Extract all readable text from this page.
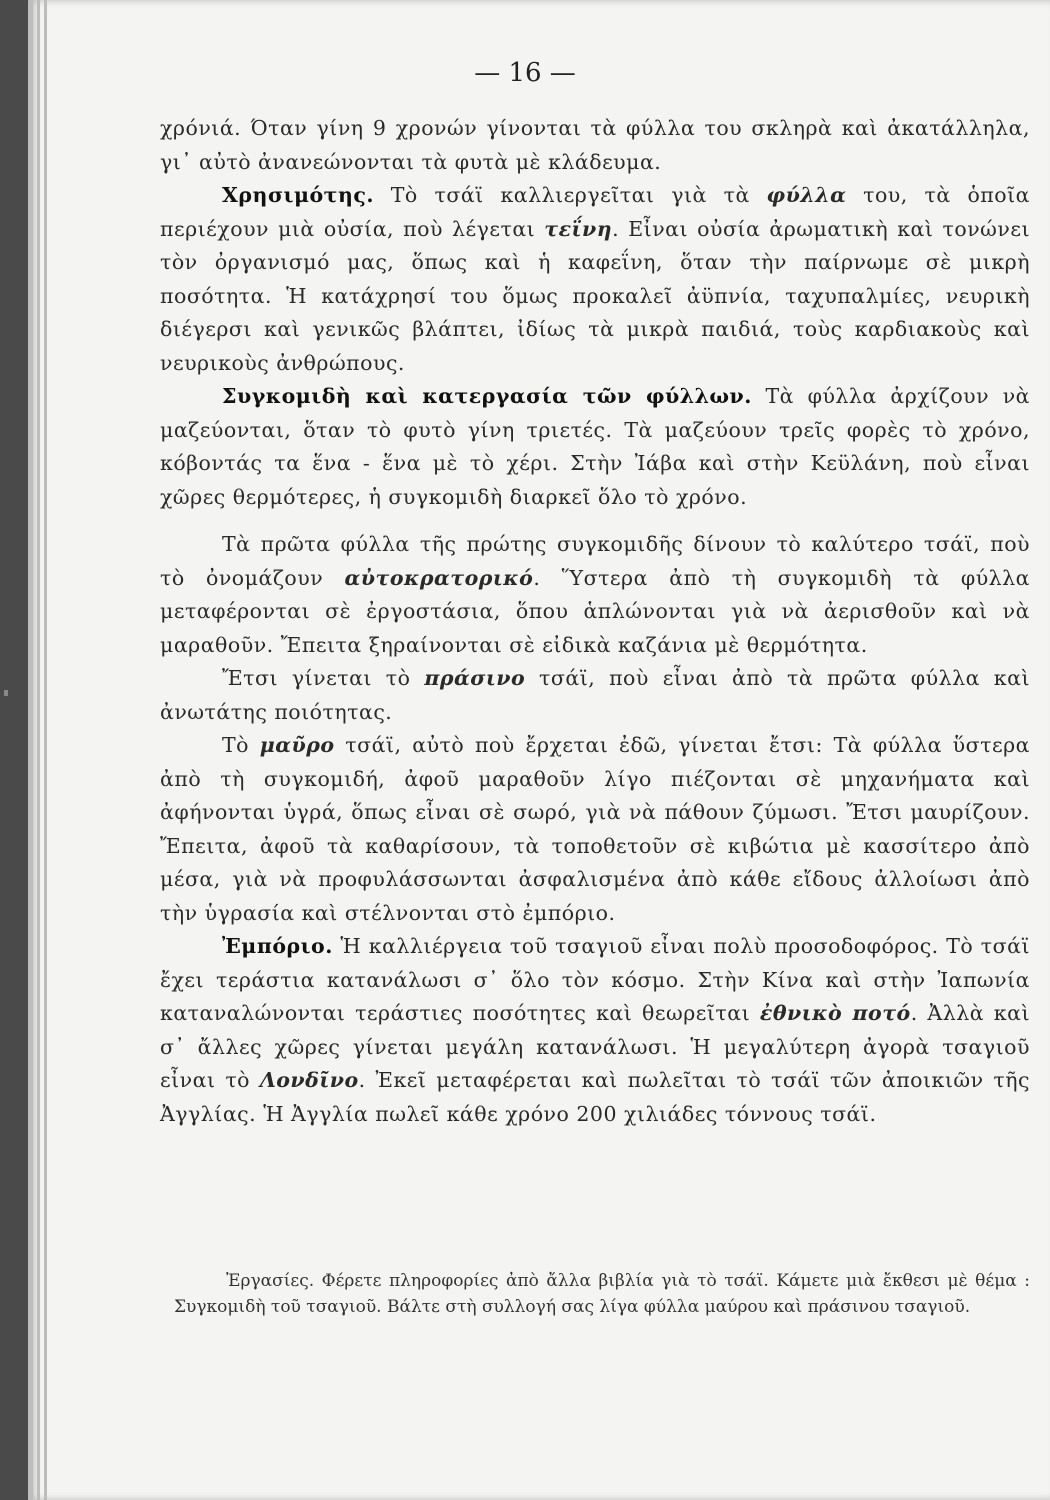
— 16 —

χρόνιά. Όταν γίνη 9 χρονών γίνονται τὰ φύλλα του σκληρὰ καὶ ἀκατάλληλα, γι᾽ αὐτὸ ἀνανεώνονται τὰ φυτὰ μὲ κλάδευμα.

Χρησιμότης. Τὸ τσάϊ καλλιεργεῖται γιὰ τὰ φύλλα του, τὰ ὁποῖα περιέχουν μιὰ οὐσία, ποὺ λέγεται τεΐνη. Εἶναι οὐσία ἀρωματικὴ καὶ τονώνει τὸν ὀργανισμό μας, ὅπως καὶ ἡ καφεΐνη, ὅταν τὴν παίρνωμε σὲ μικρὴ ποσότητα. Ἡ κατάχρησί του ὅμως προκαλεῖ ἀϋπνία, ταχυπαλμίες, νευρικὴ διέγερσι καὶ γενικῶς βλάπτει, ἰδίως τὰ μικρὰ παιδιά, τοὺς καρδιακοὺς καὶ νευρικοὺς ἀνθρώπους.

Συγκομιδὴ καὶ κατεργασία τῶν φύλλων. Τὰ φύλλα ἀρχίζουν νὰ μαζεύονται, ὅταν τὸ φυτὸ γίνη τριετές. Τὰ μαζεύουν τρεῖς φορὲς τὸ χρόνο, κόβοντάς τα ἕνα - ἕνα μὲ τὸ χέρι. Στὴν Ἰάβα καὶ στὴν Κεϋλάνη, ποὺ εἶναι χῶρες θερμότερες, ἡ συγκομιδὴ διαρκεῖ ὅλο τὸ χρόνο.

Τὰ πρῶτα φύλλα τῆς πρώτης συγκομιδῆς δίνουν τὸ καλύτερο τσάϊ, ποὺ τὸ ὀνομάζουν αὐτοκρατορικό. Ὕστερα ἀπὸ τὴ συγκομιδὴ τὰ φύλλα μεταφέρονται σὲ ἐργοστάσια, ὅπου ἁπλώνονται γιὰ νὰ ἀερισθοῦν καὶ νὰ μαραθοῦν. Ἔπειτα ξηραίνονται σὲ εἰδικὰ καζάνια μὲ θερμότητα.

Ἔτσι γίνεται τὸ πράσινο τσάϊ, ποὺ εἶναι ἀπὸ τὰ πρῶτα φύλλα καὶ ἀνωτάτης ποιότητας.

Τὸ μαῦρο τσάϊ, αὐτὸ ποὺ ἔρχεται ἐδῶ, γίνεται ἔτσι: Τὰ φύλλα ὕστερα ἀπὸ τὴ συγκομιδή, ἀφοῦ μαραθοῦν λίγο πιέζονται σὲ μηχανήματα καὶ ἀφήνονται ὑγρά, ὅπως εἶναι σὲ σωρό, γιὰ νὰ πάθουν ζύμωσι. Ἔτσι μαυρίζουν. Ἔπειτα, ἀφοῦ τὰ καθαρίσουν, τὰ τοποθετοῦν σὲ κιβώτια μὲ κασσίτερο ἀπὸ μέσα, γιὰ νὰ προφυλάσσωνται ἀσφαλισμένα ἀπὸ κάθε εἴδους ἀλλοίωσι ἀπὸ τὴν ὑγρασία καὶ στέλνονται στὸ ἐμπόριο.

Ἐμπόριο. Ἡ καλλιέργεια τοῦ τσαγιοῦ εἶναι πολὺ προσοδοφόρος. Τὸ τσάϊ ἔχει τεράστια κατανάλωσι σ᾽ ὅλο τὸν κόσμο. Στὴν Κίνα καὶ στὴν Ἰαπωνία καταναλώνονται τεράστιες ποσότητες καὶ θεωρεῖται ἐθνικὸ ποτό. Ἀλλὰ καὶ σ᾽ ἄλλες χῶρες γίνεται μεγάλη κατανάλωσι. Ἡ μεγαλύτερη ἀγορὰ τσαγιοῦ εἶναι τὸ Λονδῖνο. Ἐκεῖ μεταφέρεται καὶ πωλεῖται τὸ τσάϊ τῶν ἀποικιῶν τῆς Ἀγγλίας. Ἡ Ἀγγλία πωλεῖ κάθε χρόνο 200 χιλιάδες τόννους τσάϊ.

Ἐργασίες. Φέρετε πληροφορίες ἀπὸ ἄλλα βιβλία γιὰ τὸ τσάϊ. Κάμετε μιὰ ἔκθεσι μὲ θέμα : Συγκομιδὴ τοῦ τσαγιοῦ. Βάλτε στὴ συλλογή σας λίγα φύλλα μαύρου καὶ πράσινου τσαγιοῦ.
